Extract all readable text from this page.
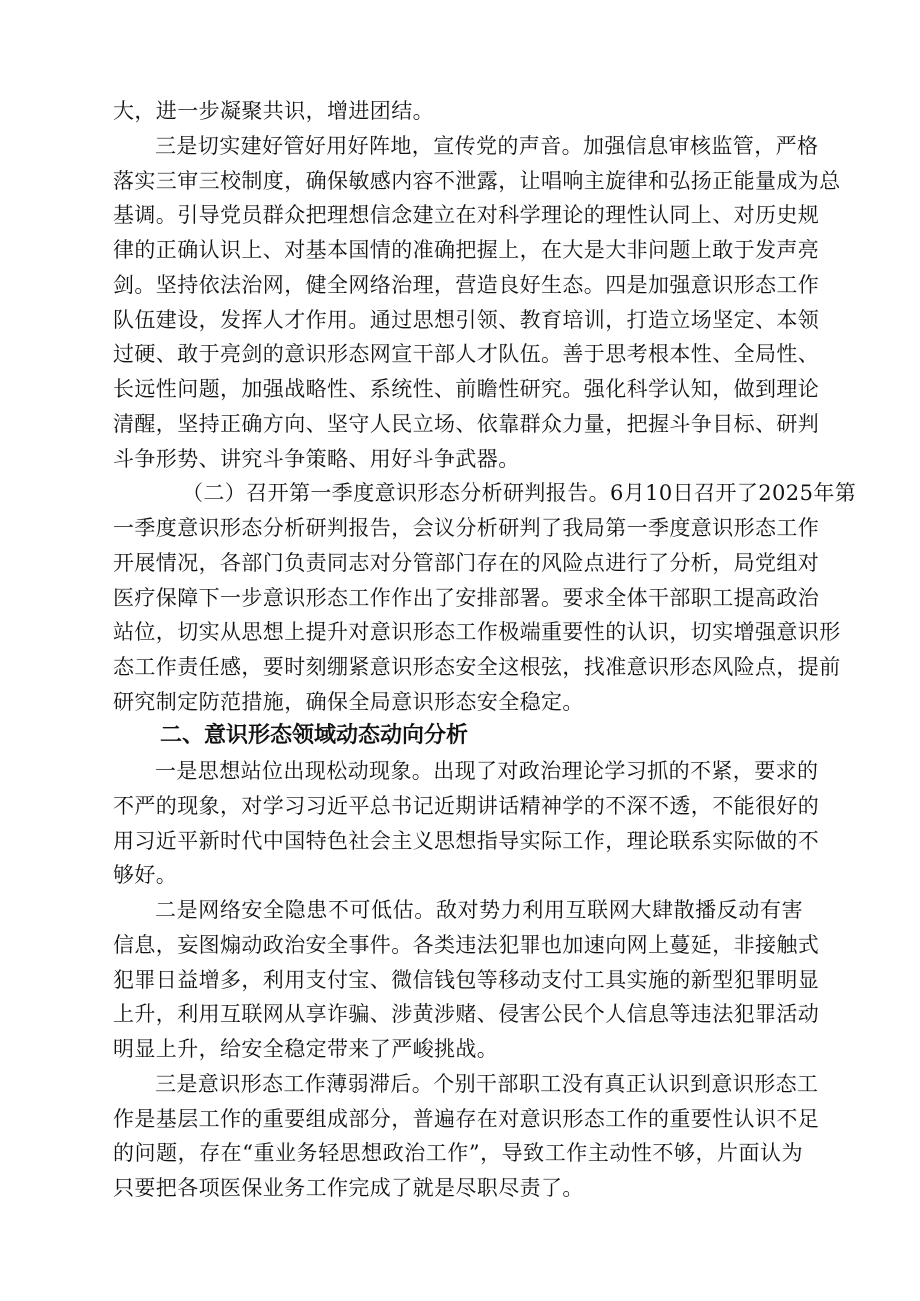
大，进一步凝聚共识，增进团结。
三是切实建好管好用好阵地，宣传党的声音。加强信息审核监管，严格
落实三审三校制度，确保敏感内容不泄露，让唱响主旋律和弘扬正能量成为总
基调。引导党员群众把理想信念建立在对科学理论的理性认同上、对历史规
律的正确认识上、对基本国情的准确把握上，在大是大非问题上敢于发声亮
剑。坚持依法治网，健全网络治理，营造良好生态。四是加强意识形态工作
队伍建设，发挥人才作用。通过思想引领、教育培训，打造立场坚定、本领
过硬、敢于亮剑的意识形态网宣干部人才队伍。善于思考根本性、全局性、
长远性问题，加强战略性、系统性、前瞻性研究。强化科学认知，做到理论
清醒，坚持正确方向、坚守人民立场、依靠群众力量，把握斗争目标、研判
斗争形势、讲究斗争策略、用好斗争武器。
（二）召开第一季度意识形态分析研判报告。6月10日召开了2025年第
一季度意识形态分析研判报告，会议分析研判了我局第一季度意识形态工作
开展情况，各部门负责同志对分管部门存在的风险点进行了分析，局党组对
医疗保障下一步意识形态工作作出了安排部署。要求全体干部职工提高政治
站位，切实从思想上提升对意识形态工作极端重要性的认识，切实增强意识形
态工作责任感，要时刻绷紧意识形态安全这根弦，找准意识形态风险点，提前
研究制定防范措施，确保全局意识形态安全稳定。
二、意识形态领域动态动向分析
一是思想站位出现松动现象。出现了对政治理论学习抓的不紧，要求的
不严的现象，对学习习近平总书记近期讲话精神学的不深不透，不能很好的
用习近平新时代中国特色社会主义思想指导实际工作，理论联系实际做的不
够好。
二是网络安全隐患不可低估。敌对势力利用互联网大肆散播反动有害
信息，妄图煽动政治安全事件。各类违法犯罪也加速向网上蔓延，非接触式
犯罪日益增多，利用支付宝、微信钱包等移动支付工具实施的新型犯罪明显
上升，利用互联网从享诈骗、涉黄涉赌、侵害公民个人信息等违法犯罪活动
明显上升，给安全稳定带来了严峻挑战。
三是意识形态工作薄弱滞后。个别干部职工没有真正认识到意识形态工
作是基层工作的重要组成部分，普遍存在对意识形态工作的重要性认识不足
的问题，存在“重业务轻思想政治工作”，导致工作主动性不够，片面认为
只要把各项医保业务工作完成了就是尽职尽责了。
